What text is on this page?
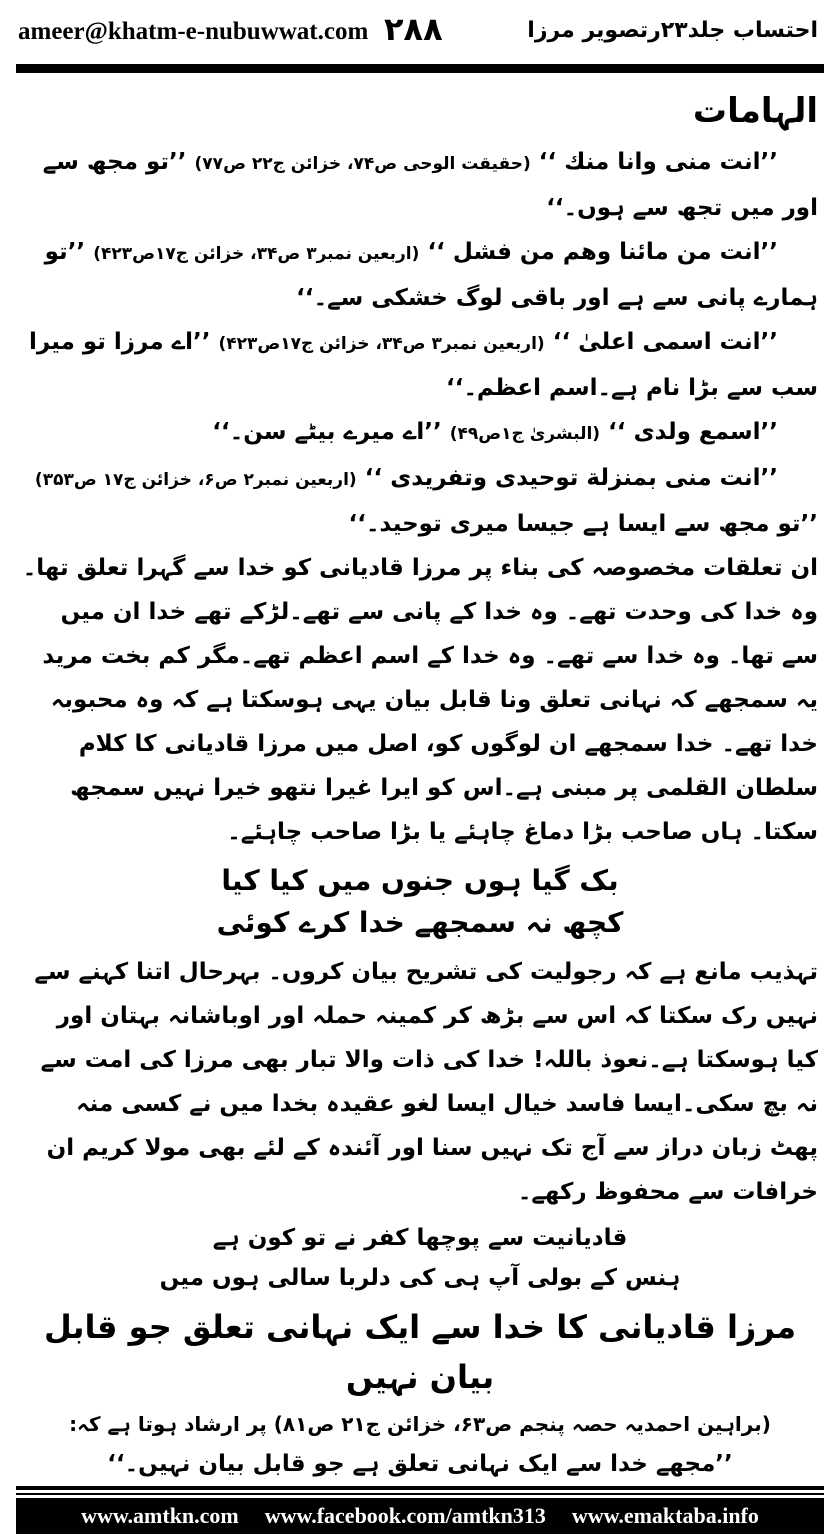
ameer@khatm-e-nubuwwat.com ۲۸۸	احتساب جلد۲۳رتصویر مرزا
الہامات

’’انت منی وانا منك ‘‘ (حقیقت الوحی ص۷۴، خزائن ج۲۲ ص۷۷) ’’تو مجھ سے اور میں تجھ سے ہوں۔‘‘

’’انت من مائنا وهم من فشل ‘‘ (اربعین نمبر۳ ص۳۴، خزائن ج۱۷ص۴۲۳) ’’تو ہمارے پانی سے ہے اور باقی لوگ خشکی سے۔‘‘

’’انت اسمی اعلیٰ ‘‘ (اربعین نمبر۳ ص۳۴، خزائن ج۱۷ص۴۲۳) ’’اے مرزا تو میرا سب سے بڑا نام ہے۔اسم اعظم۔‘‘

’’اسمع ولدی ‘‘ (البشریٰ ج۱ص۴۹) ’’اے میرے بیٹے سن۔‘‘

’’انت منی بمنزلة توحیدی وتفریدی ‘‘ (اربعین نمبر۲ ص۶، خزائن ج۱۷ ص۳۵۳) ’’تو مجھ سے ایسا ہے جیسا میری توحید۔‘‘

ان تعلقات مخصوصہ کی بناء پر مرزا قادیانی کو خدا سے گہرا تعلق تھا۔ وہ خدا کی وحدت تھے۔ وہ خدا کے پانی سے تھے۔لڑکے تھے خدا ان میں سے تھا۔ وہ خدا سے تھے۔ وہ خدا کے اسم اعظم تھے۔مگر کم بخت مرید یہ سمجھے کہ نہانی تعلق ونا قابل بیان یہی ہوسکتا ہے کہ وہ محبوبہ خدا تھے۔ خدا سمجھے ان لوگوں کو، اصل میں مرزا قادیانی کا کلام سلطان القلمی پر مبنی ہے۔اس کو ایرا غیرا نتھو خیرا نہیں سمجھ سکتا۔ ہاں صاحب بڑا دماغ چاہئے یا بڑا صاحب چاہئے۔

بک گیا ہوں جنوں میں کیا کیا
کچھ نہ سمجھے خدا کرے کوئی

تہذیب مانع ہے کہ رجولیت کی تشریح بیان کروں۔ بہرحال اتنا کہنے سے نہیں رک سکتا کہ اس سے بڑھ کر کمینہ حملہ اور اوباشانہ بہتان اور کیا ہوسکتا ہے۔نعوذ باللہ! خدا کی ذات والا تبار بھی مرزا کی امت سے نہ بچ سکی۔ایسا فاسد خیال ایسا لغو عقیدہ بخدا میں نے کسی منہ پھٹ زبان دراز سے آج تک نہیں سنا اور آئندہ کے لئے بھی مولا کریم ان خرافات سے محفوظ رکھے۔

قادیانیت سے پوچھا کفر نے تو کون ہے
ہنس کے بولی آپ ہی کی دلربا سالی ہوں میں
مرزا قادیانی کا خدا سے ایک نہانی تعلق جو قابل بیان نہیں
(براہین احمدیہ حصہ پنجم ص۶۳، خزائن ج۲۱ ص۸۱) پر ارشاد ہوتا ہے کہ:
’’مجھے خدا سے ایک نہانی تعلق ہے جو قابل بیان نہیں۔‘‘
www.amtkn.com www.facebook.com/amtkn313 www.emaktaba.info
